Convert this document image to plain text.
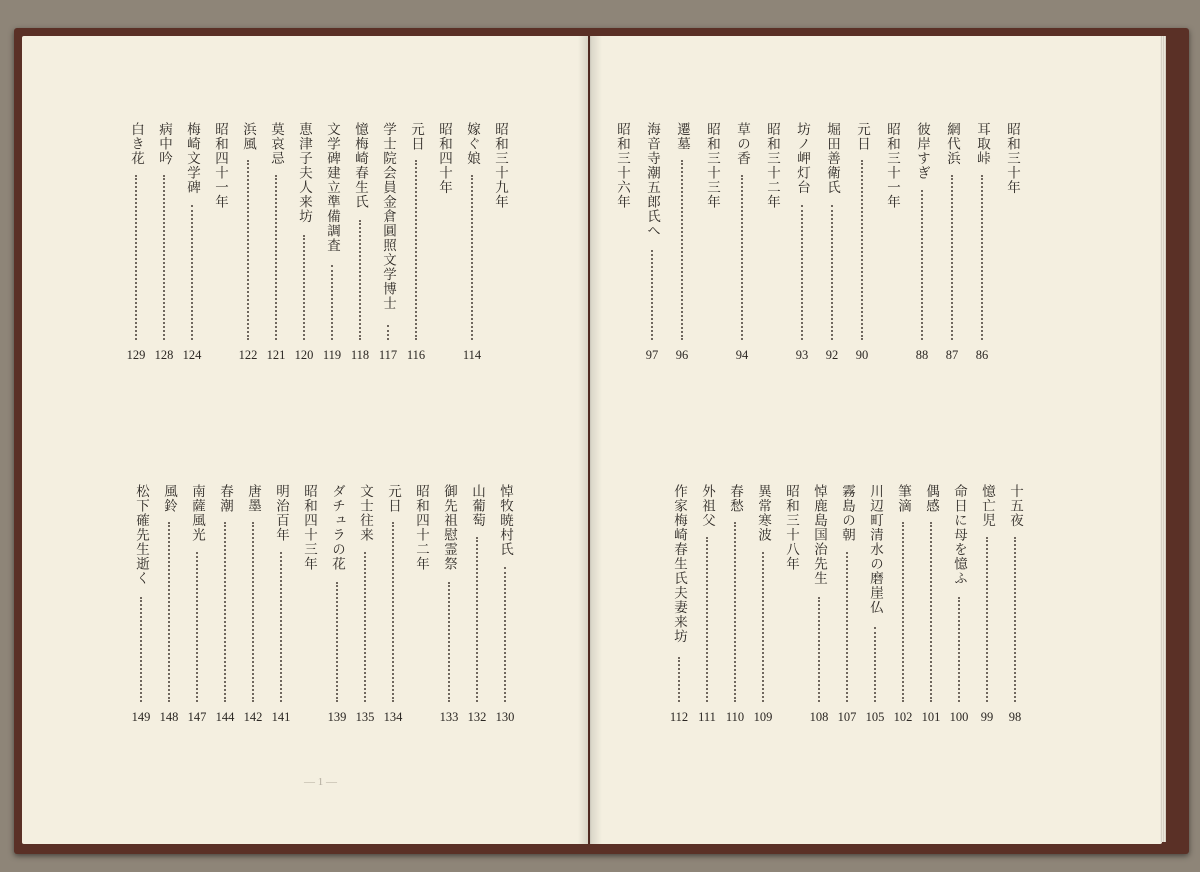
昭和三十九年
嫁ぐ娘
114
昭和四十年
元日
116
学士院会員金倉圓照文学博士
117
憶梅崎春生氏
118
文学碑建立準備調査
119
恵津子夫人来坊
120
莫哀忌
121
浜風
122
昭和四十一年
梅崎文学碑
124
病中吟
128
白き花
129
悼牧暁村氏
130
山葡萄
132
御先祖慰霊祭
133
昭和四十二年
元日
134
文士往来
135
ダチュラの花
139
昭和四十三年
明治百年
141
唐墨
142
春潮
144
南薩風光
147
風鈴
148
松下確先生逝く
149
昭和三十年
耳取峠
86
網代浜
87
彼岸すぎ
88
昭和三十一年
元日
90
堀田善衛氏
92
坊ノ岬灯台
93
昭和三十二年
草の香
94
昭和三十三年
遷墓
96
海音寺潮五郎氏へ
97
昭和三十六年
十五夜
98
憶亡児
99
命日に母を憶ふ
100
偶感
101
筆滴
102
川辺町清水の磨崖仏
105
霧島の朝
107
悼鹿島国治先生
108
昭和三十八年
異常寒波
109
春愁
110
外祖父
111
作家梅崎春生氏夫妻来坊
112
— 1 —
